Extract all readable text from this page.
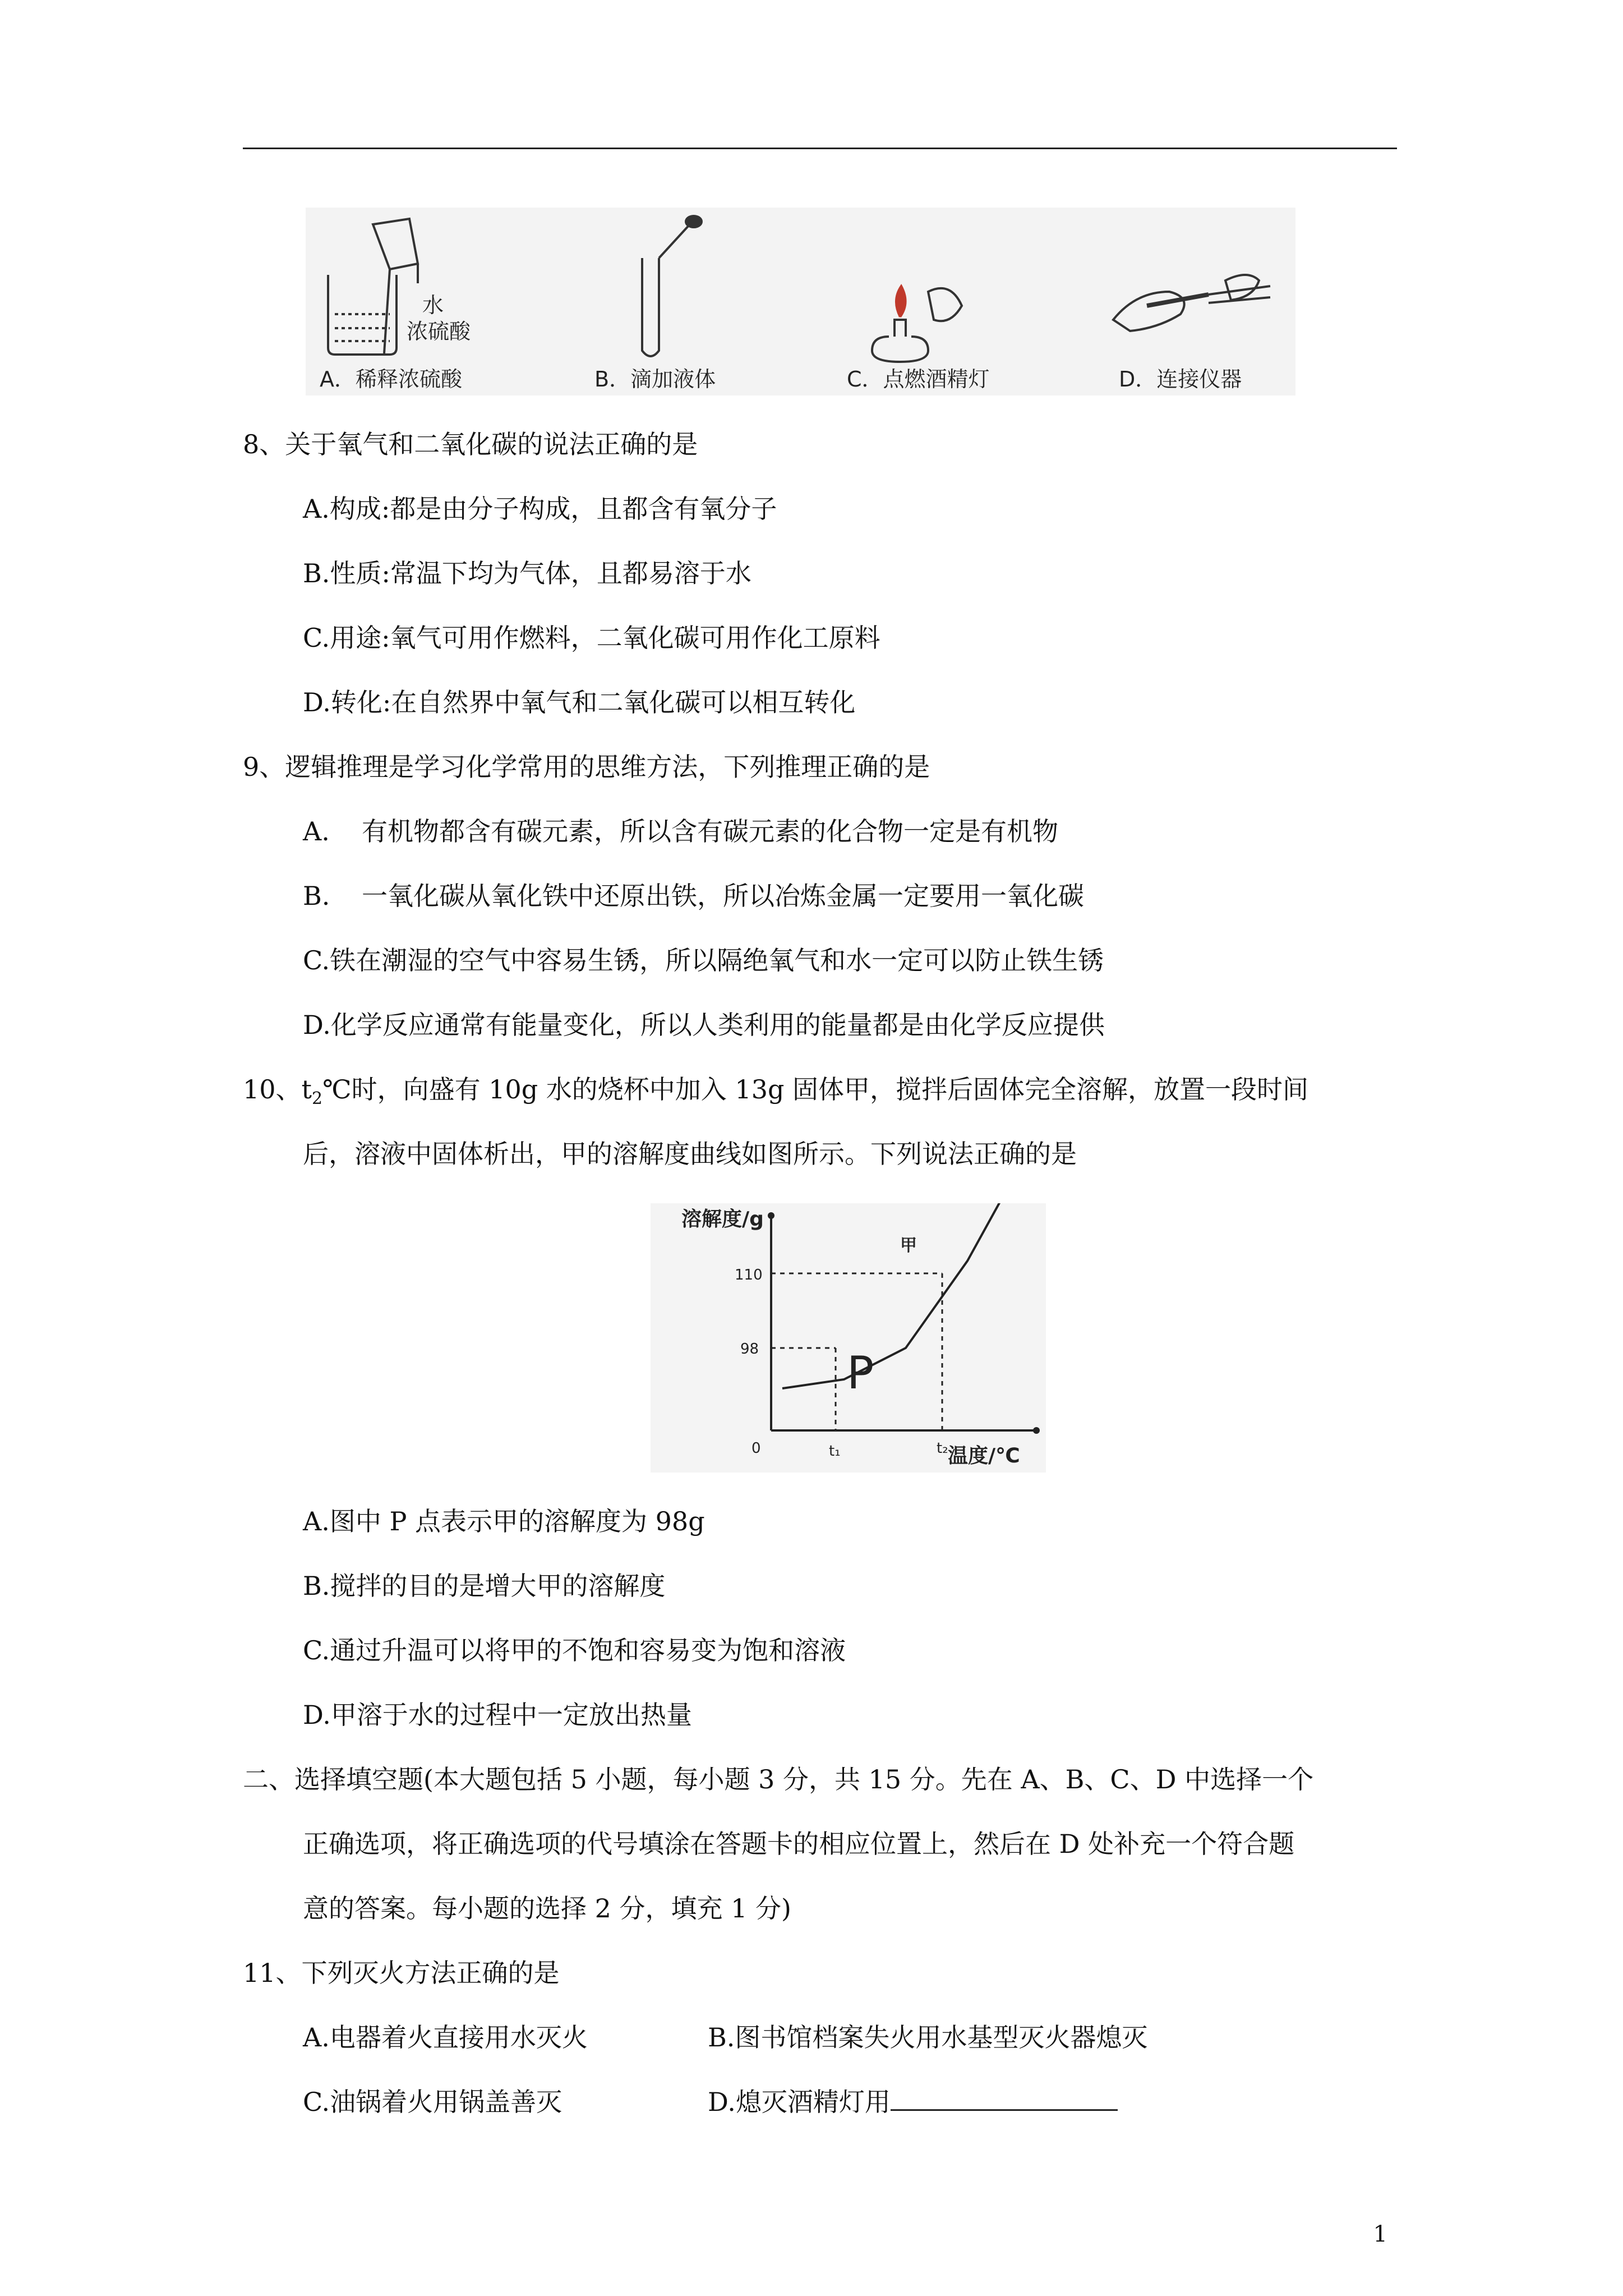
水
浓硫酸
A．稀释浓硫酸	B．滴加液体	C．点燃酒精灯	D．连接仪器
8、关于氧气和二氧化碳的说法正确的是
A.构成:都是由分子构成，且都含有氧分子
B.性质:常温下均为气体，且都易溶于水
C.用途:氧气可用作燃料，二氧化碳可用作化工原料
D.转化:在自然界中氧气和二氧化碳可以相互转化
9、逻辑推理是学习化学常用的思维方法，下列推理正确的是
A. 有机物都含有碳元素，所以含有碳元素的化合物一定是有机物
B. 一氧化碳从氧化铁中还原出铁，所以冶炼金属一定要用一氧化碳
C.铁在潮湿的空气中容易生锈，所以隔绝氧气和水一定可以防止铁生锈
D.化学反应通常有能量变化，所以人类利用的能量都是由化学反应提供
10、$t_2℃$时，向盛有 10g 水的烧杯中加入 13g 固体甲，搅拌后固体完全溶解，放置一段时间
后，溶液中固体析出，甲的溶解度曲线如图所示。下列说法正确的是
溶解度/g
110
98
0	t₁	t₂ 温度/℃
甲
P
A.图中 P 点表示甲的溶解度为 98g
B.搅拌的目的是增大甲的溶解度
C.通过升温可以将甲的不饱和容易变为饱和溶液
D.甲溶于水的过程中一定放出热量
二、选择填空题(本大题包括 5 小题，每小题 3 分，共 15 分。先在 A、B、C、D 中选择一个
正确选项，将正确选项的代号填涂在答题卡的相应位置上，然后在 D 处补充一个符合题
意的答案。每小题的选择 2 分，填充 1 分)
11、下列灭火方法正确的是
A.电器着火直接用水灭火	B.图书馆档案失火用水基型灭火器熄灭
C.油锅着火用锅盖善灭	D.熄灭酒精灯用
1
